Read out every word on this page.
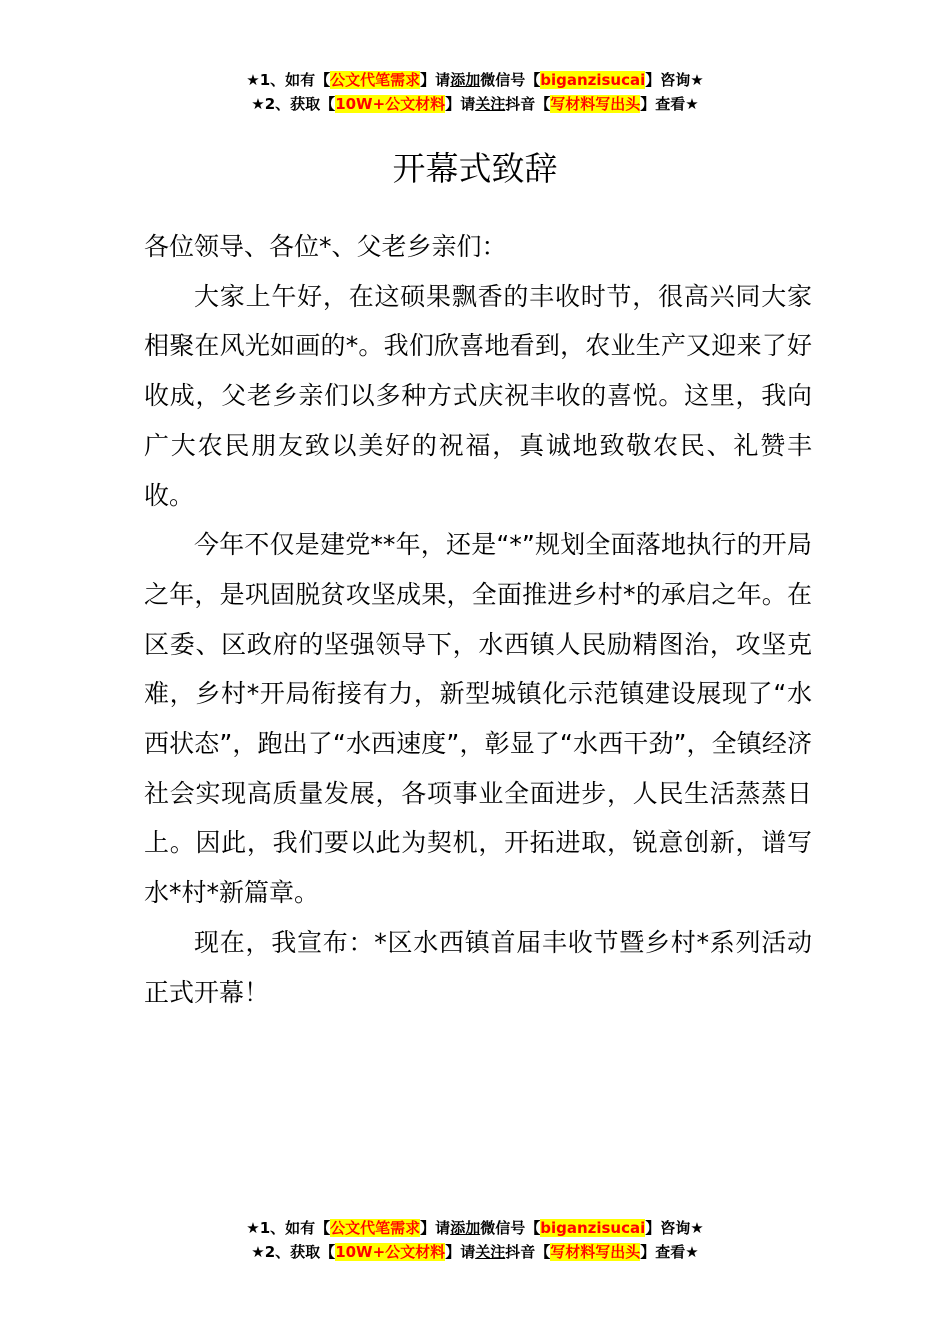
★1、如有【公文代笔需求】请添加微信号【biganzisucai】咨询★
★2、获取【10W+公文材料】请关注抖音【写材料写出头】查看★
开幕式致辞

各位领导、各位*、父老乡亲们：

大家上午好，在这硕果飘香的丰收时节，很高兴同大家相聚在风光如画的*。我们欣喜地看到，农业生产又迎来了好收成，父老乡亲们以多种方式庆祝丰收的喜悦。这里，我向广大农民朋友致以美好的祝福，真诚地致敬农民、礼赞丰收。

今年不仅是建党**年，还是“*”规划全面落地执行的开局之年，是巩固脱贫攻坚成果，全面推进乡村*的承启之年。在区委、区政府的坚强领导下，水西镇人民励精图治，攻坚克难，乡村*开局衔接有力，新型城镇化示范镇建设展现了“水西状态”，跑出了“水西速度”，彰显了“水西干劲”，全镇经济社会实现高质量发展，各项事业全面进步，人民生活蒸蒸日上。因此，我们要以此为契机，开拓进取，锐意创新，谱写水*村*新篇章。

现在，我宣布：*区水西镇首届丰收节暨乡村*系列活动正式开幕！

★1、如有【公文代笔需求】请添加微信号【biganzisucai】咨询★
★2、获取【10W+公文材料】请关注抖音【写材料写出头】查看★
